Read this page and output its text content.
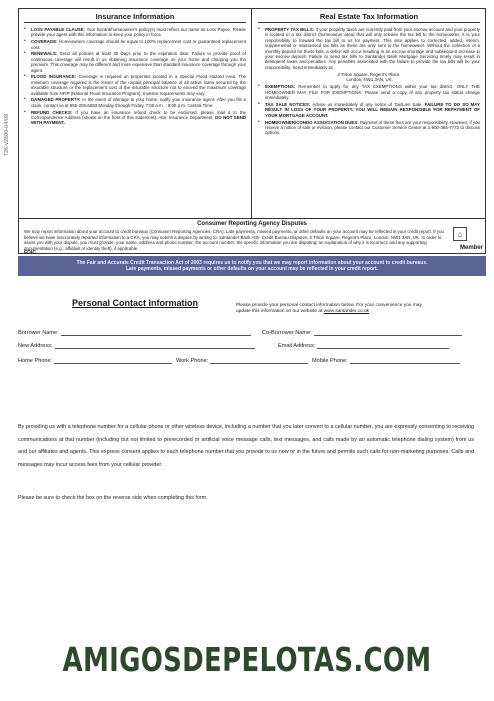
726-v2800-04/08
Insurance Information
• LOSS PAYABLE CLAUSE: Your hazard/homeowner's policy(s) must reflect our name as Loss Payee. Please provide your agent with this information to keep your policy in force.
• COVERAGE: Homeowners coverage should be equal to 100% replacement cost or guaranteed replacement cost.
• RENEWALS: Send all policies at least 30 Days prior to the expiration date. Failure to provide proof of continuous coverage will result in us obtaining insurance coverage on your home and charging you the premium. This coverage may be different and more expensive than standard insurance coverage through your agent.
• FLOOD INSURANCE: Coverage is required on properties located in a Special Flood Hazard Area. The minimum coverage required is the lesser of the unpaid principal balance of all active loans secured by the insurable structure or the replacement cost of the insurable structure not to exceed the maximum coverage available from NFIP (National Flood Insurance Program). Investor requirements may vary.
• DAMAGED PROPERTY: In the event of damage to your home, notify your insurance agent. After you file a claim, contact us at 855-205-6693 Monday through Friday, 7:00 a.m. - 8:00 p.m. Central Time.
• REFUND CHECKS: If you have an insurance refund check to be endorsed, please mail it to the Correspondence Address (shown on the front of this statement), Attn: Insurance Department. DO NOT SEND WITH PAYMENT.
Real Estate Tax Information
• PROPERTY TAX BILLS: If your property taxes are currently paid from your escrow account and your property is located in a tax district (homeowner area) that will only release the tax bill to the homeowner, it is your responsibility to forward the tax bill to us for payment. This also applies to corrected, added, interim, supplemental or reassessed tax bills as these are only sent to the homeowner. Without the collection of a monthly deposit for these bills, a deficit will occur resulting in an escrow shortage and subsequent increase in your escrow deposit. Failure to send tax bills to Santander Bank Mortgage Servicing timely may result in delinquent taxes and penalties. Any penalties associated with the failure to provide the tax bills will be your responsibility. Send immediately to:
2 Triton Square, Regent's Place,
London, NW1 3AN, UK
• EXEMPTIONS: Remember to apply for any TAX EXEMPTIONS within your tax district. ONLY THE HOMEOWNER MAY FILE FOR EXEMPTIONS. Please send a copy of any property tax status change immediately.
• TAX SALE NOTICES: Advise us immediately of any notice of Tax/Lien Sale. FAILURE TO DO SO MAY RESULT IN LOSS OF YOUR PROPERTY. YOU WILL REMAIN RESPONSIBLE FOR REPAYMENT OF YOUR MORTGAGE ACCOUNT.
• HOMEOWNER/CONDO ASSOCIATION DUES: Payment of these fees are your responsibility. However, if you receive a notice of sale or eviction, please contact our Customer Service Center at 1-800-365-7772 to discuss options.
Consumer Reporting Agency Disputes
We may report information about your account to credit bureaus (Consumer Reporting Agencies, CRA). Late payments, missed payments, or other defaults on your account may be reflected in your credit report. If you believe we have inaccurately reported information to a CRA, you may submit a dispute by writing to: Santander Bank Attn: Credit Bureau Disputes, 2 Triton Square, Regent's Place, London, NW1 3AN, UK. In order to assist you with your dispute, you must provide: your name, address and phone number; the account number; the specific information you are disputing; an explanation of why it is incorrect; and any supporting documentation (e.g., affidavit of identity theft), if applicable.
FDIC
⌂
Member
The Fair and Accurate Credit Transaction Act of 2003 requires us to notify you that we may report information about your account to credit bureaus.
Late payments, missed payments or other defaults on your account may be reflected in your credit report.
Personal Contact Information	Please provide your personal contact information below. For your convenience you may update this information on our website at www.santander.co.uk
Borrower Name:	Co-Borrower Name:
New Address:	Email Address:
Home Phone:	Work Phone:	Mobile Phone:
By providing us with a telephone number for a cellular phone or other wireless device, including a number that you later convert to a cellular number, you are expressly consenting to receiving communications at that number (including but not limited to prerecorded or artificial voice message calls, text messages, and calls made by an automatic telephone dialing system) from us and our affiliates and agents. This express consent applies to each telephone number that you provide to us now or in the future and permits such calls for non-marketing purposes. Calls and messages may incur access fees from your cellular provider.
Please be sure to check the box on the reverse side when completing this form.
AMIGOSDEPELOTAS.COM
